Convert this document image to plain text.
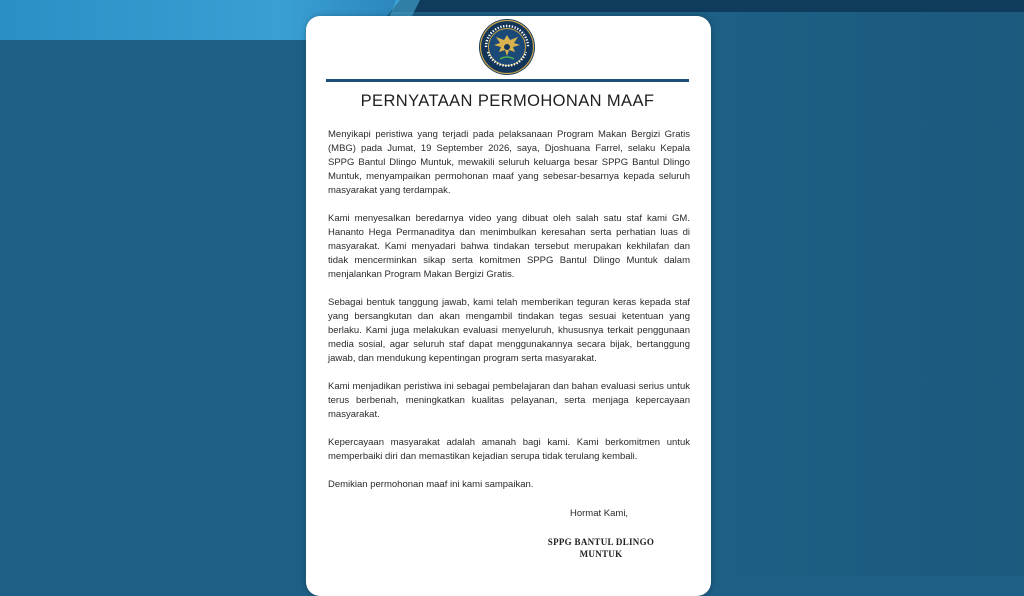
PERNYATAAN PERMOHONAN MAAF

Menyikapi peristiwa yang terjadi pada pelaksanaan Program Makan Bergizi Gratis (MBG) pada Jumat, 19 September 2026, saya, Djoshuana Farrel, selaku Kepala SPPG Bantul Dlingo Muntuk, mewakili seluruh keluarga besar SPPG Bantul Dlingo Muntuk, menyampaikan permohonan maaf yang sebesar-besarnya kepada seluruh masyarakat yang terdampak.

Kami menyesalkan beredarnya video yang dibuat oleh salah satu staf kami GM. Hananto Hega Permanaditya dan menimbulkan keresahan serta perhatian luas di masyarakat. Kami menyadari bahwa tindakan tersebut merupakan kekhilafan dan tidak mencerminkan sikap serta komitmen SPPG Bantul Dlingo Muntuk dalam menjalankan Program Makan Bergizi Gratis.

Sebagai bentuk tanggung jawab, kami telah memberikan teguran keras kepada staf yang bersangkutan dan akan mengambil tindakan tegas sesuai ketentuan yang berlaku. Kami juga melakukan evaluasi menyeluruh, khususnya terkait penggunaan media sosial, agar seluruh staf dapat menggunakannya secara bijak, bertanggung jawab, dan mendukung kepentingan program serta masyarakat.

Kami menjadikan peristiwa ini sebagai pembelajaran dan bahan evaluasi serius untuk terus berbenah, meningkatkan kualitas pelayanan, serta menjaga kepercayaan masyarakat.

Kepercayaan masyarakat adalah amanah bagi kami. Kami berkomitmen untuk memperbaiki diri dan memastikan kejadian serupa tidak terulang kembali.

Demikian permohonan maaf ini kami sampaikan.

Hormat Kami,
SPPG BANTUL DLINGO
MUNTUK
